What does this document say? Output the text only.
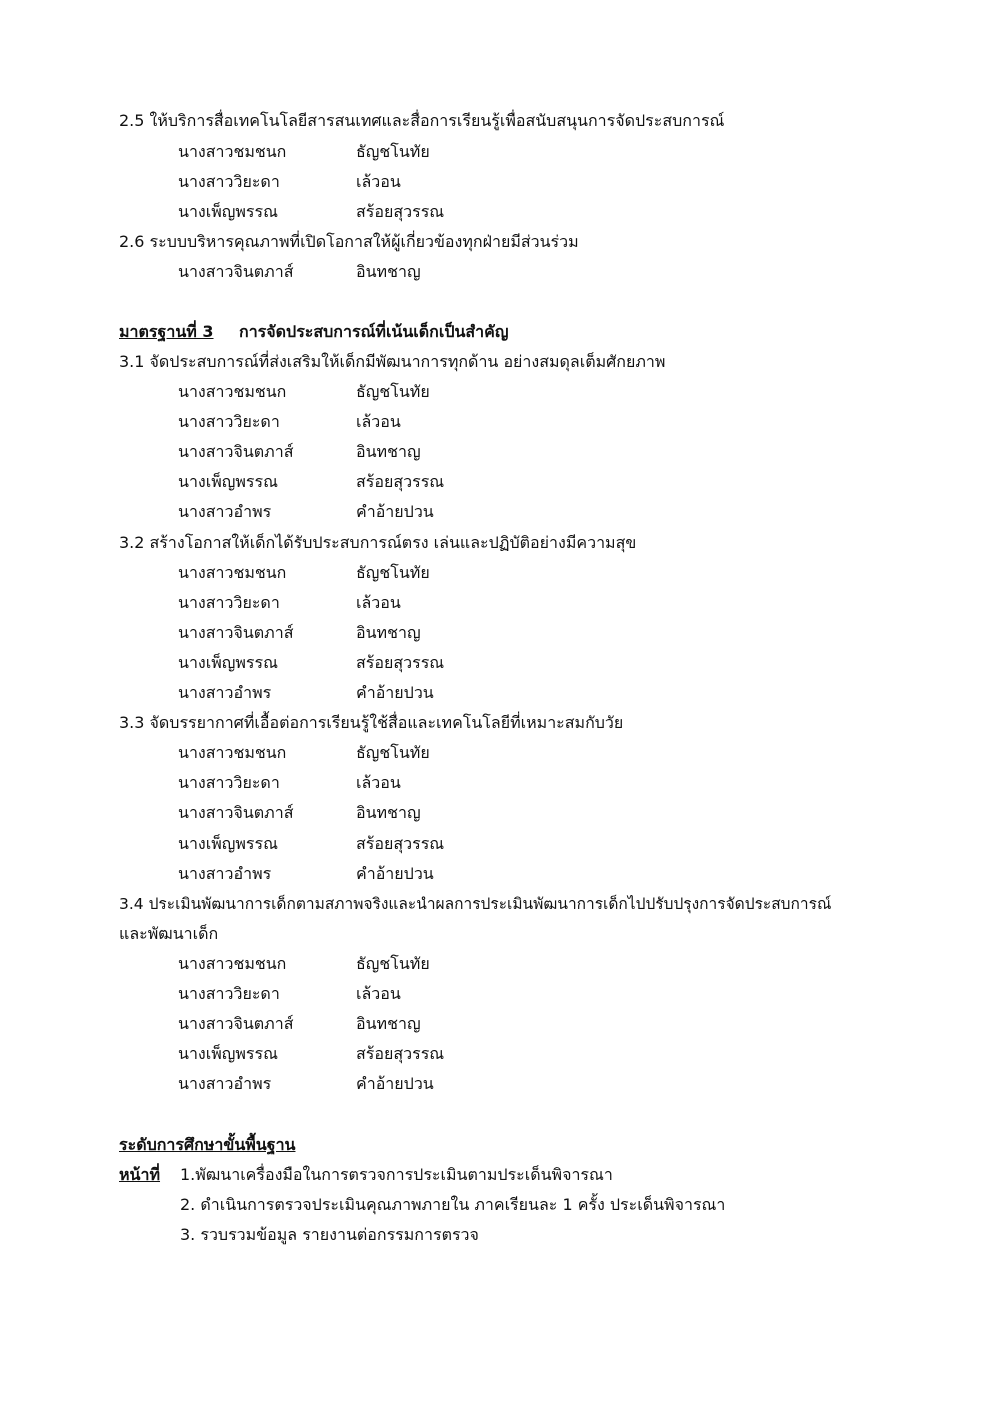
2.5 ให้บริการสื่อเทคโนโลยีสารสนเทศและสื่อการเรียนรู้เพื่อสนับสนุนการจัดประสบการณ์
นางสาวชมชนก	ธัญชโนทัย
นางสาววิยะดา	เล้วอน
นางเพ็ญพรรณ	สร้อยสุวรรณ
2.6 ระบบบริหารคุณภาพที่เปิดโอกาสให้ผู้เกี่ยวข้องทุกฝ่ายมีส่วนร่วม
นางสาวจินตภาส์	อินทชาญ
มาตรฐานที่ 3 การจัดประสบการณ์ที่เน้นเด็กเป็นสำคัญ
3.1 จัดประสบการณ์ที่ส่งเสริมให้เด็กมีพัฒนาการทุกด้าน อย่างสมดุลเต็มศักยภาพ
นางสาวชมชนก	ธัญชโนทัย
นางสาววิยะดา	เล้วอน
นางสาวจินตภาส์	อินทชาญ
นางเพ็ญพรรณ	สร้อยสุวรรณ
นางสาวอำพร	คำอ้ายปวน
3.2 สร้างโอกาสให้เด็กได้รับประสบการณ์ตรง เล่นและปฏิบัติอย่างมีความสุข
นางสาวชมชนก	ธัญชโนทัย
นางสาววิยะดา	เล้วอน
นางสาวจินตภาส์	อินทชาญ
นางเพ็ญพรรณ	สร้อยสุวรรณ
นางสาวอำพร	คำอ้ายปวน
3.3 จัดบรรยากาศที่เอื้อต่อการเรียนรู้ใช้สื่อและเทคโนโลยีที่เหมาะสมกับวัย
นางสาวชมชนก	ธัญชโนทัย
นางสาววิยะดา	เล้วอน
นางสาวจินตภาส์	อินทชาญ
นางเพ็ญพรรณ	สร้อยสุวรรณ
นางสาวอำพร	คำอ้ายปวน
3.4 ประเมินพัฒนาการเด็กตามสภาพจริงและนำผลการประเมินพัฒนาการเด็กไปปรับปรุงการจัดประสบการณ์
และพัฒนาเด็ก
นางสาวชมชนก	ธัญชโนทัย
นางสาววิยะดา	เล้วอน
นางสาวจินตภาส์	อินทชาญ
นางเพ็ญพรรณ	สร้อยสุวรรณ
นางสาวอำพร	คำอ้ายปวน
ระดับการศึกษาขั้นพื้นฐาน
หน้าที่ 1.พัฒนาเครื่องมือในการตรวจการประเมินตามประเด็นพิจารณา
2. ดำเนินการตรวจประเมินคุณภาพภายใน ภาคเรียนละ 1 ครั้ง ประเด็นพิจารณา
3. รวบรวมข้อมูล รายงานต่อกรรมการตรวจ
